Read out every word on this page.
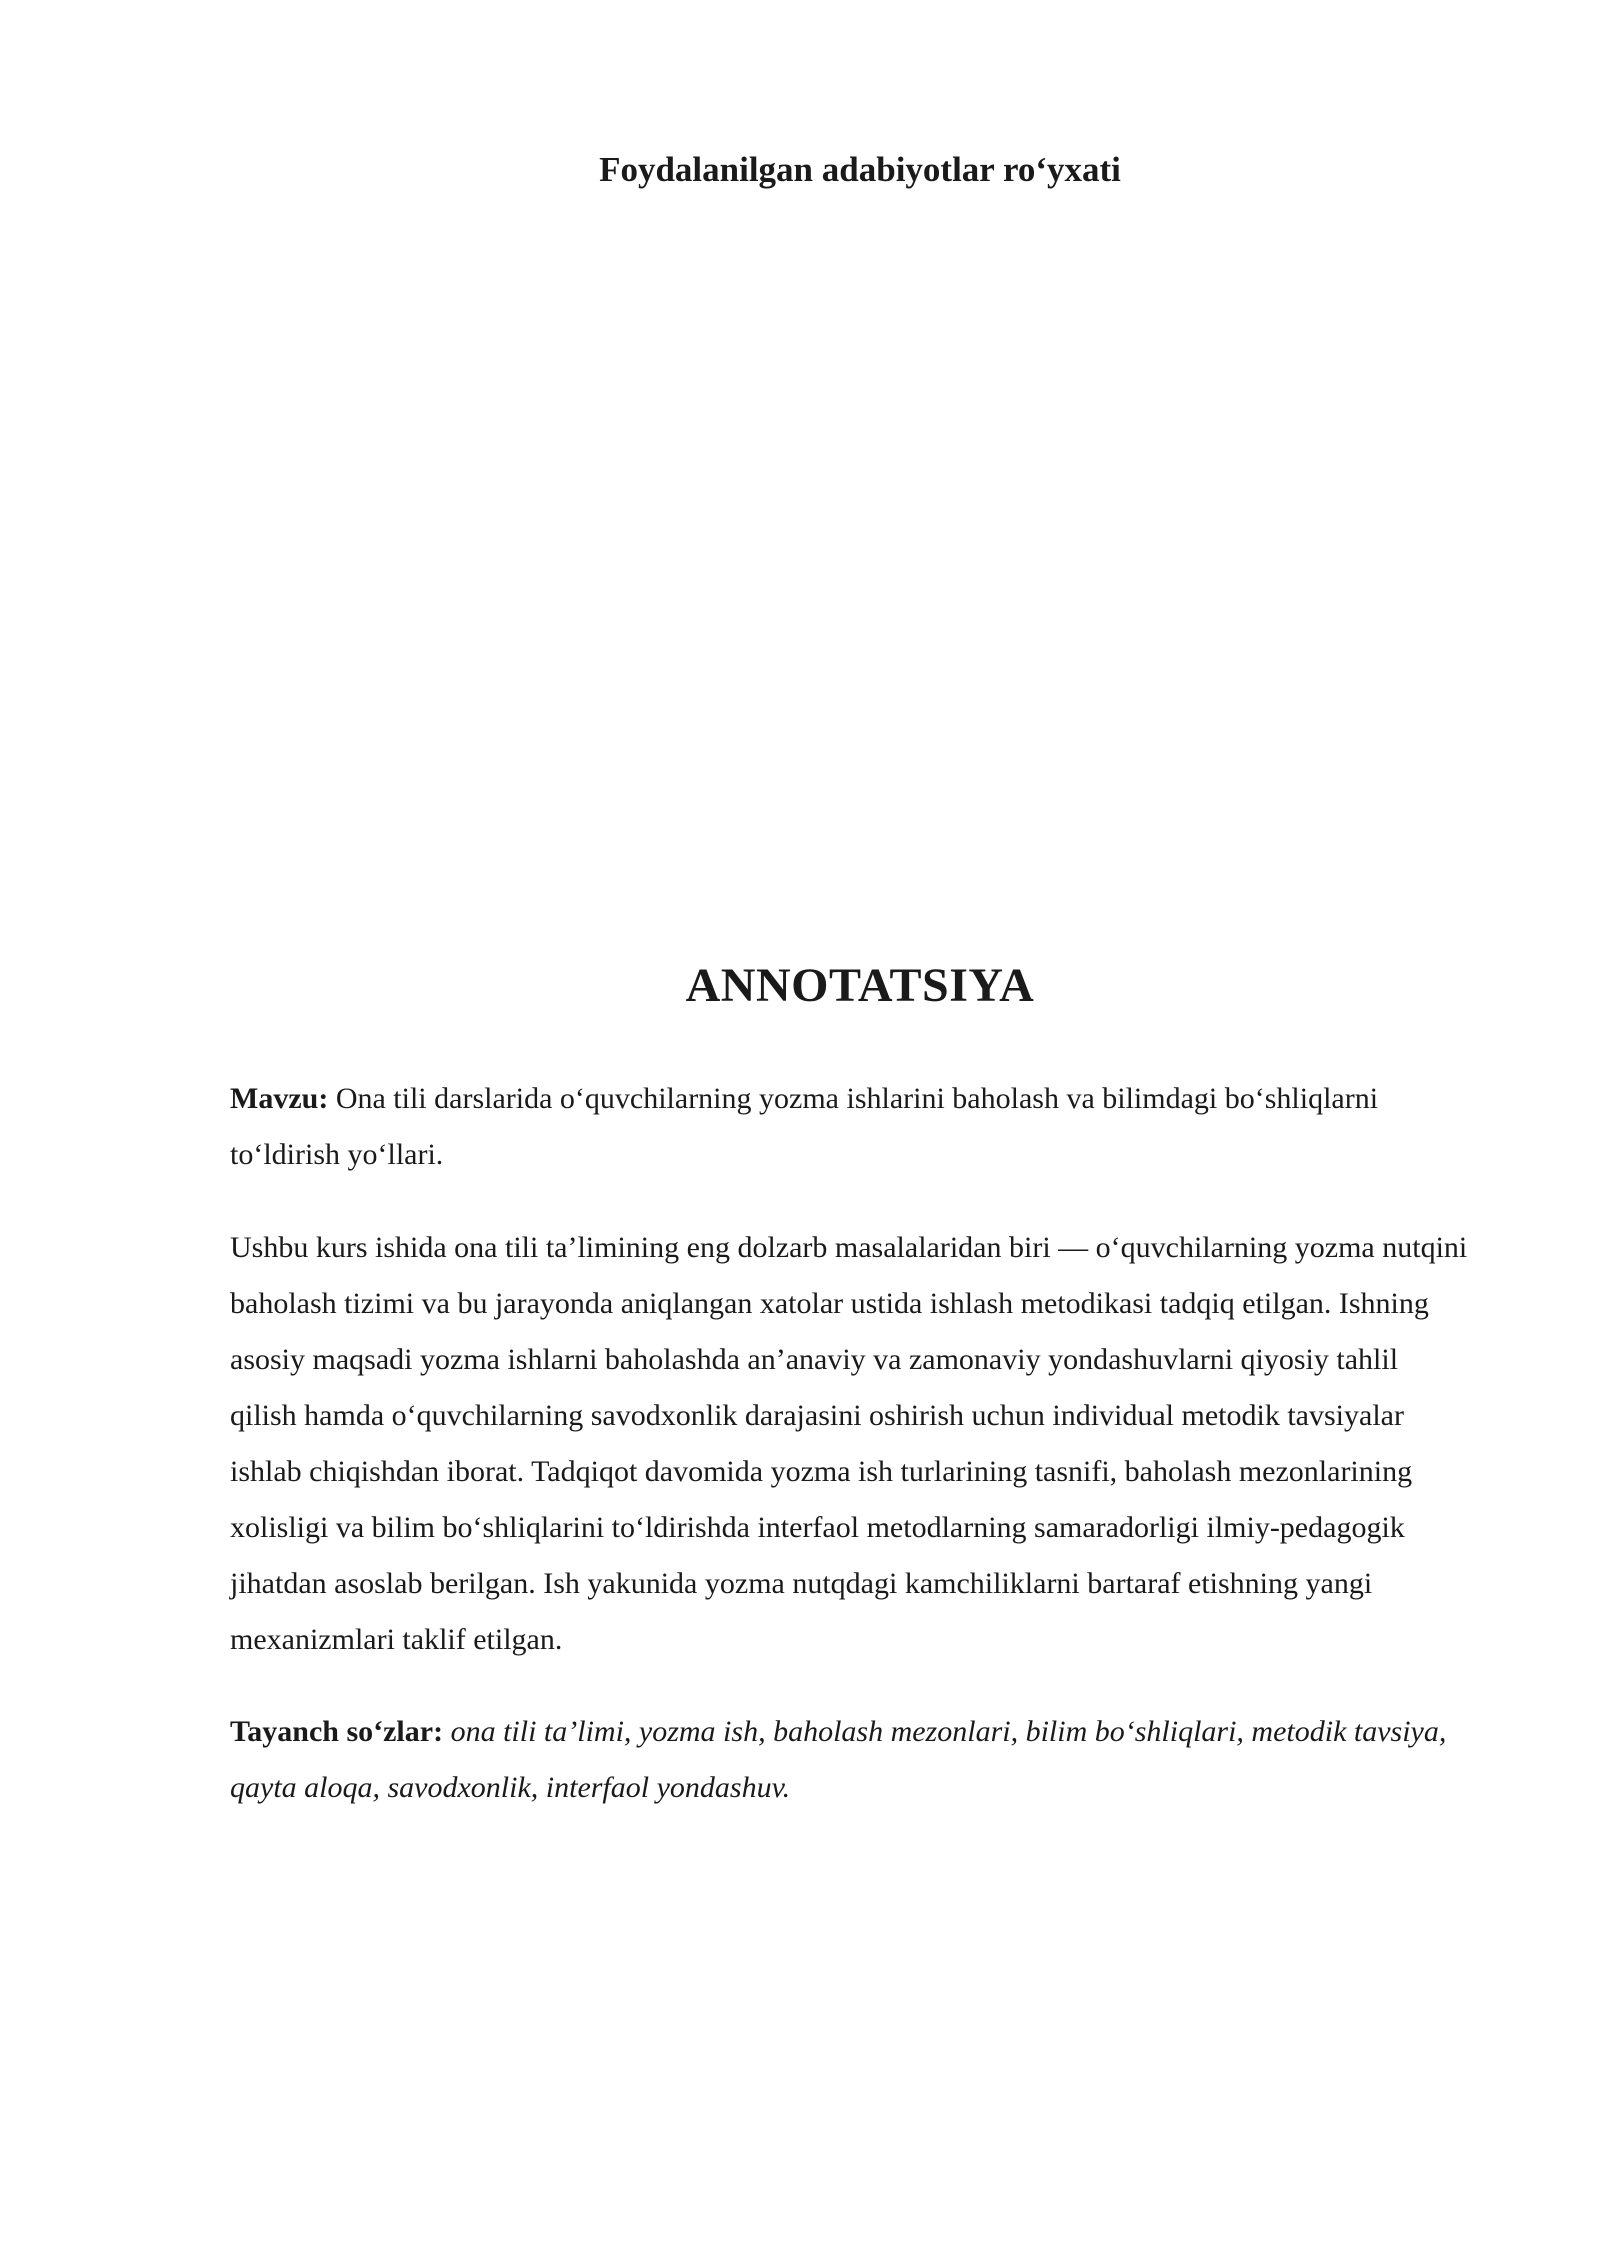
Foydalanilgan adabiyotlar ro‘yxati
ANNOTATSIYA

Mavzu: Ona tili darslarida o‘quvchilarning yozma ishlarini baholash va bilimdagi bo‘shliqlarni to‘ldirish yo‘llari.

Ushbu kurs ishida ona tili ta’limining eng dolzarb masalalaridan biri — o‘quvchilarning yozma nutqini baholash tizimi va bu jarayonda aniqlangan xatolar ustida ishlash metodikasi tadqiq etilgan. Ishning asosiy maqsadi yozma ishlarni baholashda an’anaviy va zamonaviy yondashuvlarni qiyosiy tahlil qilish hamda o‘quvchilarning savodxonlik darajasini oshirish uchun individual metodik tavsiyalar ishlab chiqishdan iborat. Tadqiqot davomida yozma ish turlarining tasnifi, baholash mezonlarining xolisligi va bilim bo‘shliqlarini to‘ldirishda interfaol metodlarning samaradorligi ilmiy-pedagogik jihatdan asoslab berilgan. Ish yakunida yozma nutqdagi kamchiliklarni bartaraf etishning yangi mexanizmlari taklif etilgan.

Tayanch so‘zlar: ona tili ta’limi, yozma ish, baholash mezonlari, bilim bo‘shliqlari, metodik tavsiya, qayta aloqa, savodxonlik, interfaol yondashuv.
